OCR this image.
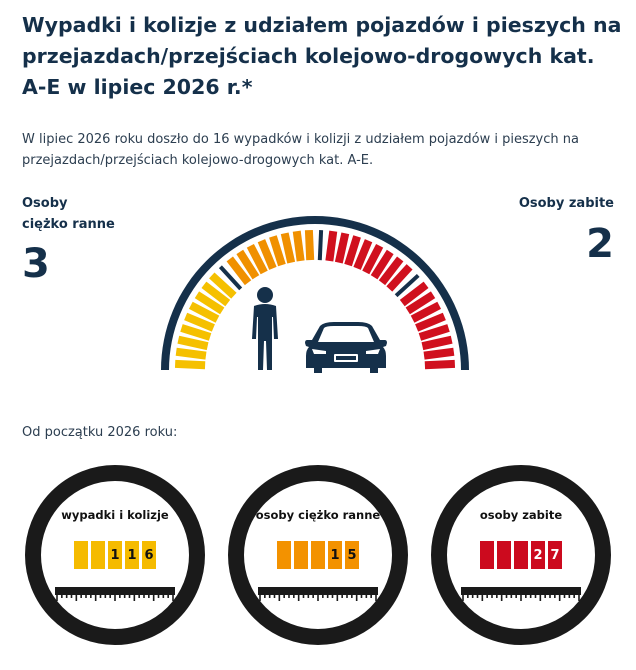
Wypadki i kolizje z udziałem pojazdów i pieszych na przejazdach/przejściach kolejowo-drogowych kat. A-E w lipiec 2026 r.*
W lipiec 2026 roku doszło do 16 wypadków i kolizji z udziałem pojazdów i pieszych na przejazdach/przejściach kolejowo-drogowych kat. A-E.
Osoby
ciężko ranne
3
Osoby zabite
2
Od początku 2026 roku:
wypadki i kolizje
1 1 6
osoby ciężko ranne
1 5
osoby zabite
2 7
